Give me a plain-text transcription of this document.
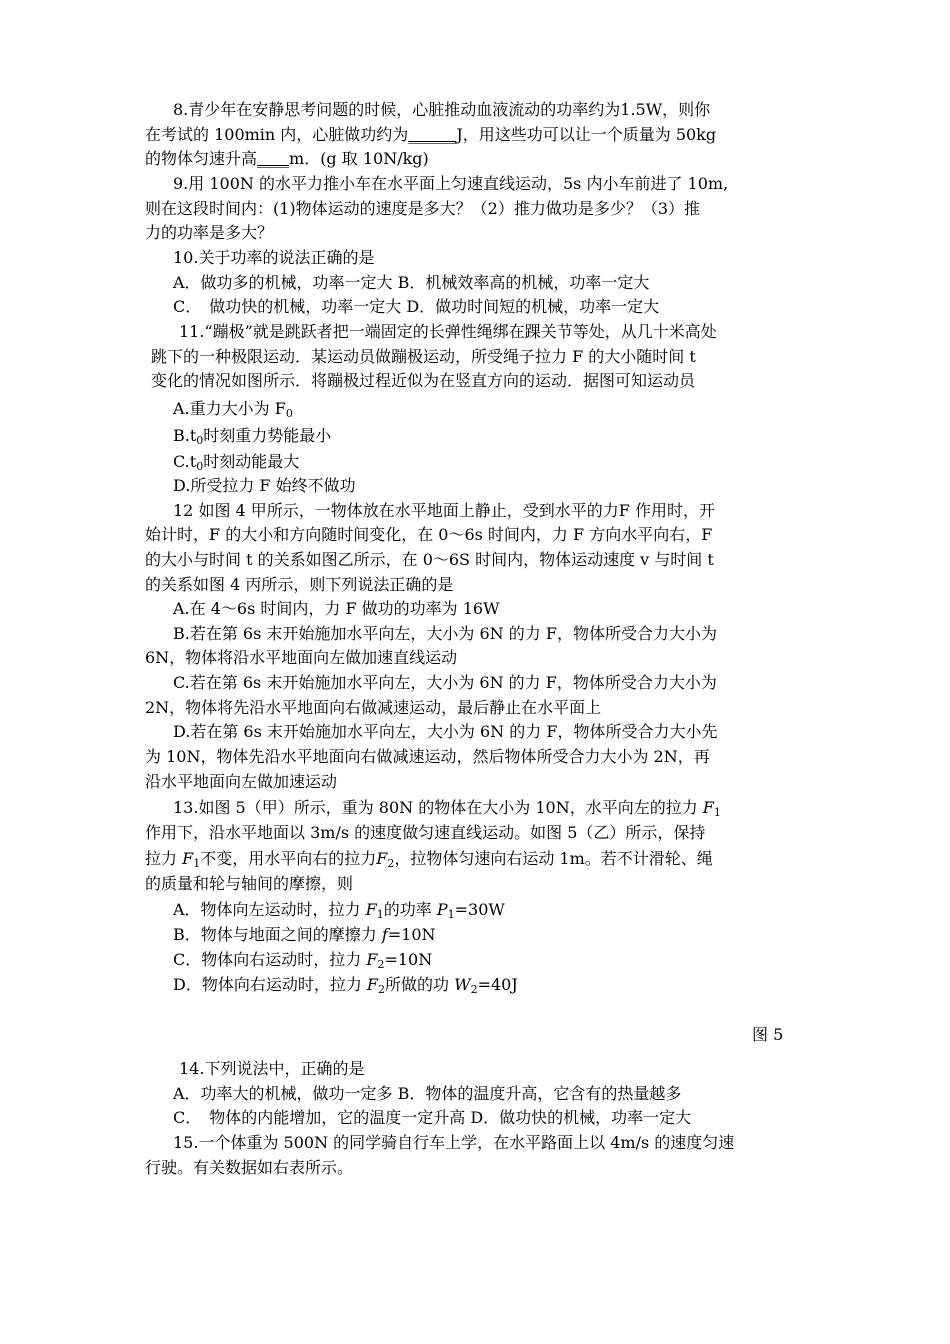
8.青少年在安静思考问题的时候，心脏推动血液流动的功率约为1.5W，则你
在考试的 100min 内，心脏做功约为______J，用这些功可以让一个质量为 50kg
的物体匀速升高____m．(g 取 10N/kg)
9.用 100N 的水平力推小车在水平面上匀速直线运动，5s 内小车前进了 10m,
则在这段时间内：(1)物体运动的速度是多大？（2）推力做功是多少？（3）推
力的功率是多大？
10.关于功率的说法正确的是
A．做功多的机械，功率一定大 B．机械效率高的机械，功率一定大
C．　做功快的机械，功率一定大 D．做功时间短的机械，功率一定大
11.“蹦极”就是跳跃者把一端固定的长弹性绳绑在踝关节等处，从几十米高处
跳下的一种极限运动．某运动员做蹦极运动，所受绳子拉力 F 的大小随时间 t
变化的情况如图所示．将蹦极过程近似为在竖直方向的运动．据图可知运动员
A.重力大小为 $F_0$
$B.t_0$时刻重力势能最小
$C.t_0$时刻动能最大
D.所受拉力 F 始终不做功
12 如图 4 甲所示，一物体放在水平地面上静止，受到水平的力F 作用时，开
始计时，F 的大小和方向随时间变化，在 0～6s 时间内，力 F 方向水平向右，F
的大小与时间 t 的关系如图乙所示，在 0～6S 时间内，物体运动速度 v 与时间 t
的关系如图 4 丙所示，则下列说法正确的是
A.在 4～6s 时间内，力 F 做功的功率为 16W
B.若在第 6s 末开始施加水平向左，大小为 6N 的力 F，物体所受合力大小为
6N，物体将沿水平地面向左做加速直线运动
C.若在第 6s 末开始施加水平向左，大小为 6N 的力 F，物体所受合力大小为
2N，物体将先沿水平地面向右做减速运动，最后静止在水平面上
D.若在第 6s 末开始施加水平向左，大小为 6N 的力 F，物体所受合力大小先
为 10N，物体先沿水平地面向右做减速运动，然后物体所受合力大小为 2N，再
沿水平地面向左做加速运动
13.如图 5（甲）所示，重为 80N 的物体在大小为 10N，水平向左的拉力 $F_1$
作用下，沿水平地面以 3m/s 的速度做匀速直线运动。如图 5（乙）所示，保持
拉力 $F_1$不变，用水平向右的拉力$F_2$，拉物体匀速向右运动 1m。若不计滑轮、绳
的质量和轮与轴间的摩擦，则
A．物体向左运动时，拉力 $F_1$的功率 $P_1=30W$
B．物体与地面之间的摩擦力 f=10N
C．物体向右运动时，拉力 $F_2=10N$
D．物体向右运动时，拉力 $F_2$所做的功 $W_2=40J$
图 5
14.下列说法中，正确的是
A．功率大的机械，做功一定多 B．物体的温度升高，它含有的热量越多
C．　物体的内能增加，它的温度一定升高 D．做功快的机械，功率一定大
15.一个体重为 500N 的同学骑自行车上学，在水平路面上以 4m/s 的速度匀速
行驶。有关数据如右表所示。
